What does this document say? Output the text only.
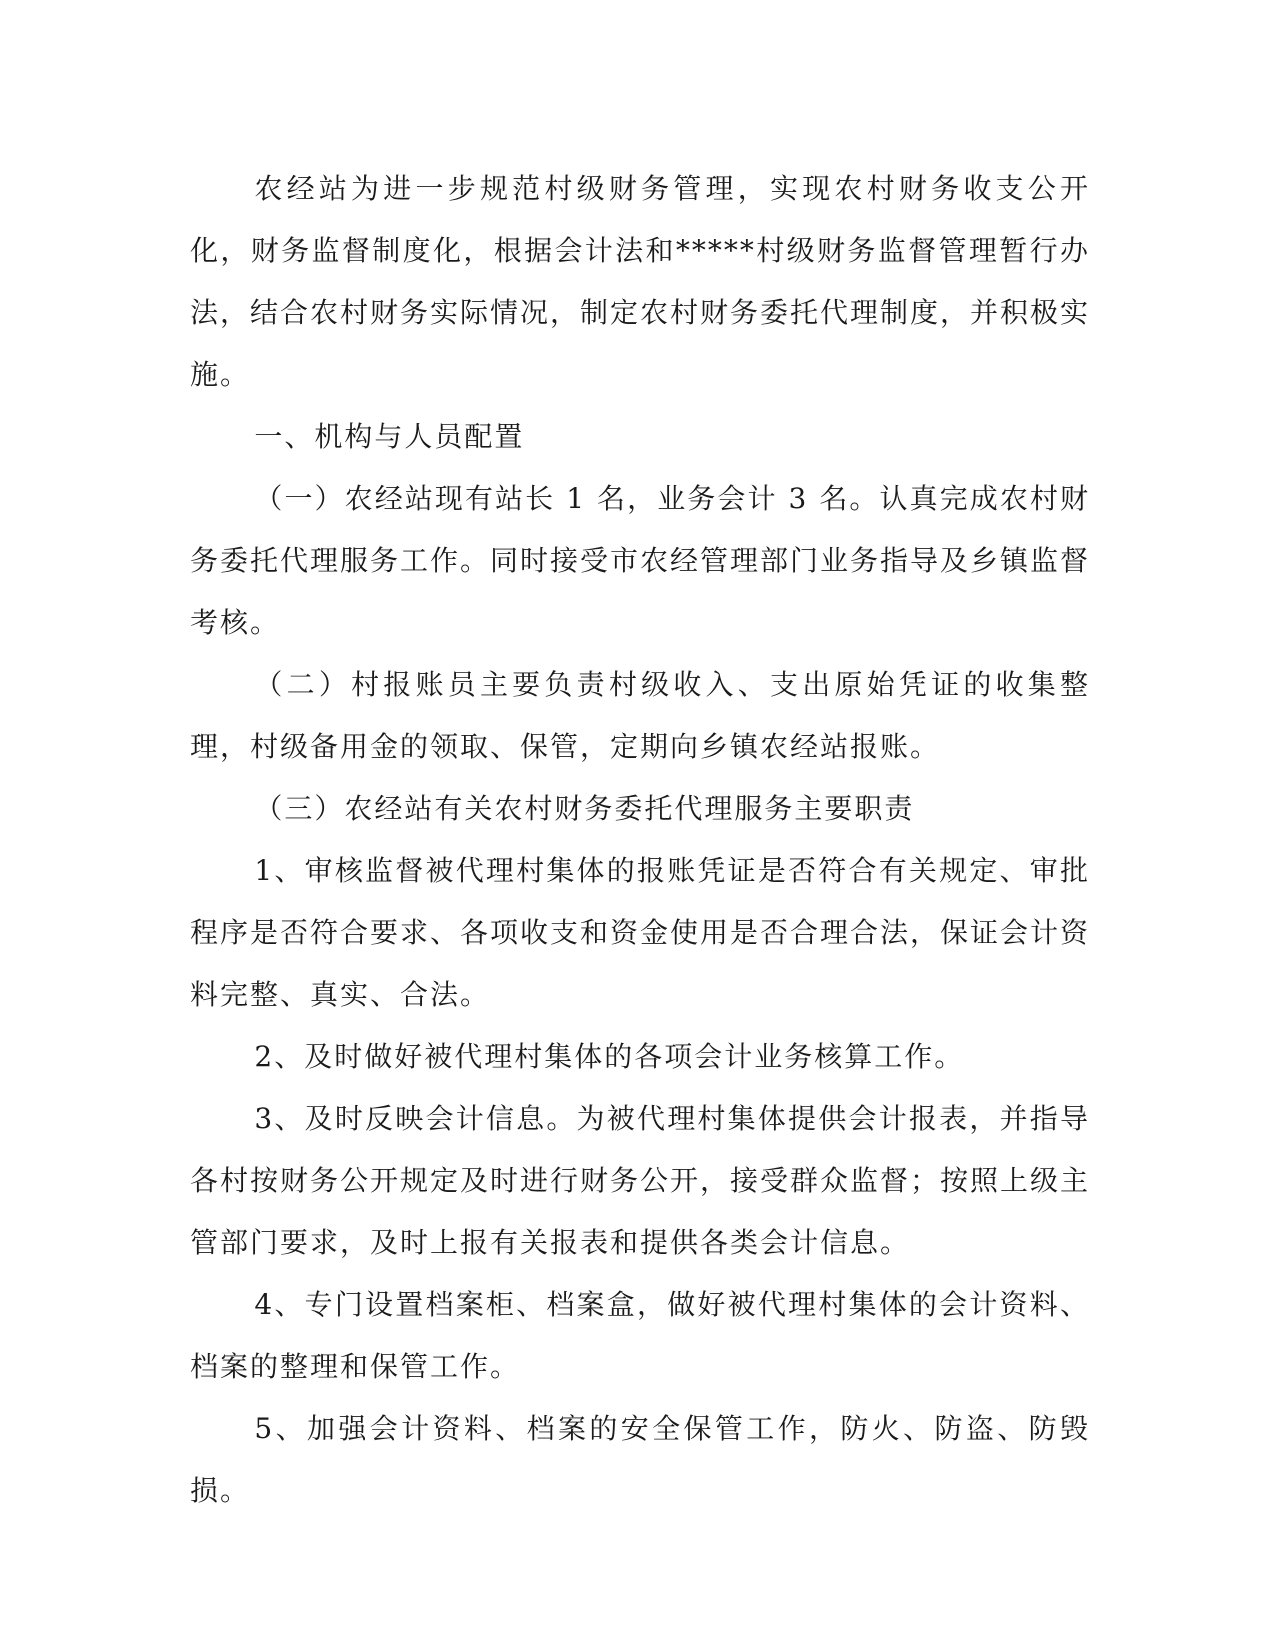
农经站为进一步规范村级财务管理，实现农村财务收支公开化，财务监督制度化，根据会计法和*****村级财务监督管理暂行办法，结合农村财务实际情况，制定农村财务委托代理制度，并积极实施。

一、机构与人员配置

（一）农经站现有站长 1 名，业务会计 3 名。认真完成农村财务委托代理服务工作。同时接受市农经管理部门业务指导及乡镇监督考核。

（二）村报账员主要负责村级收入、支出原始凭证的收集整理，村级备用金的领取、保管，定期向乡镇农经站报账。

（三）农经站有关农村财务委托代理服务主要职责

1、审核监督被代理村集体的报账凭证是否符合有关规定、审批程序是否符合要求、各项收支和资金使用是否合理合法，保证会计资料完整、真实、合法。

2、及时做好被代理村集体的各项会计业务核算工作。

3、及时反映会计信息。为被代理村集体提供会计报表，并指导各村按财务公开规定及时进行财务公开，接受群众监督；按照上级主管部门要求，及时上报有关报表和提供各类会计信息。

4、专门设置档案柜、档案盒，做好被代理村集体的会计资料、档案的整理和保管工作。

5、加强会计资料、档案的安全保管工作，防火、防盗、防毁损。
